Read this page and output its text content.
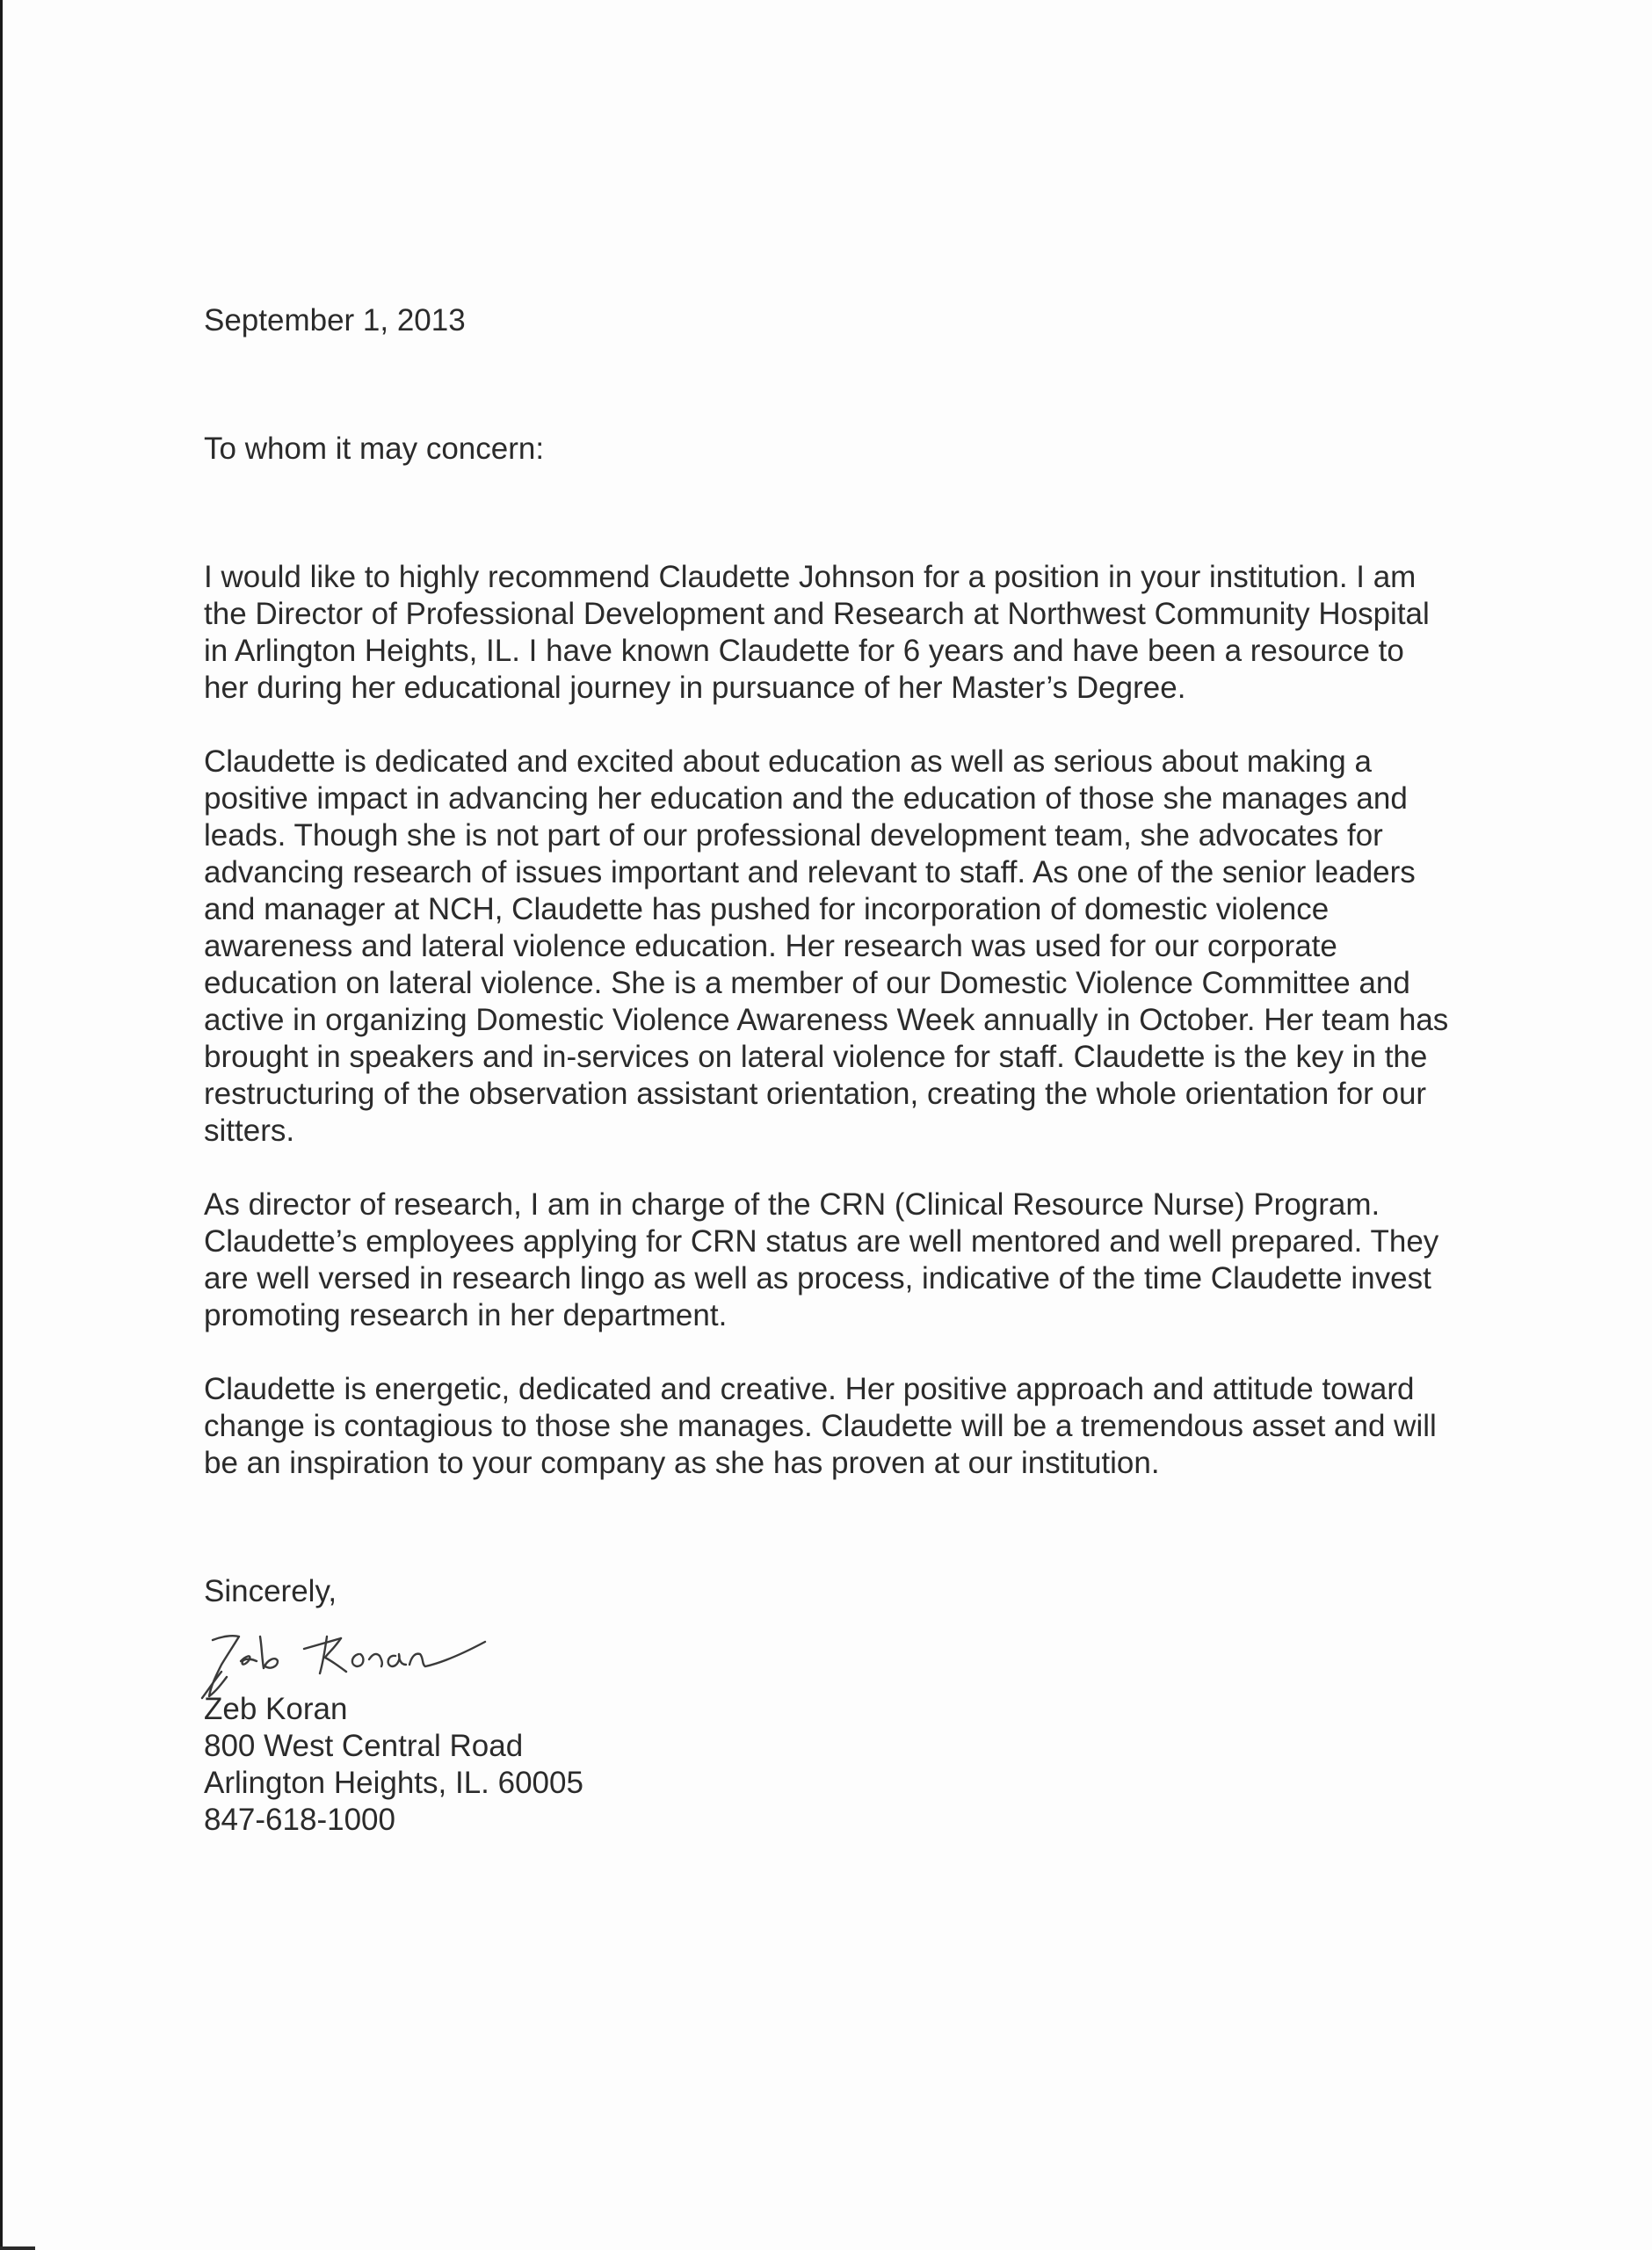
September 1, 2013

To whom it may concern:

I would like to highly recommend Claudette Johnson for a position in your institution. I am the Director of Professional Development and Research at Northwest Community Hospital in Arlington Heights, IL. I have known Claudette for 6 years and have been a resource to her during her educational journey in pursuance of her Master’s Degree.

Claudette is dedicated and excited about education as well as serious about making a positive impact in advancing her education and the education of those she manages and leads. Though she is not part of our professional development team, she advocates for advancing research of issues important and relevant to staff. As one of the senior leaders and manager at NCH, Claudette has pushed for incorporation of domestic violence awareness and lateral violence education. Her research was used for our corporate education on lateral violence. She is a member of our Domestic Violence Committee and active in organizing Domestic Violence Awareness Week annually in October. Her team has brought in speakers and in-services on lateral violence for staff. Claudette is the key in the restructuring of the observation assistant orientation, creating the whole orientation for our sitters.

As director of research, I am in charge of the CRN (Clinical Resource Nurse) Program. Claudette’s employees applying for CRN status are well mentored and well prepared. They are well versed in research lingo as well as process, indicative of the time Claudette invest promoting research in her department.

Claudette is energetic, dedicated and creative. Her positive approach and attitude toward change is contagious to those she manages. Claudette will be a tremendous asset and will be an inspiration to your company as she has proven at our institution.

Sincerely,

Zeb Koran

800 West Central Road

Arlington Heights, IL. 60005

847-618-1000
